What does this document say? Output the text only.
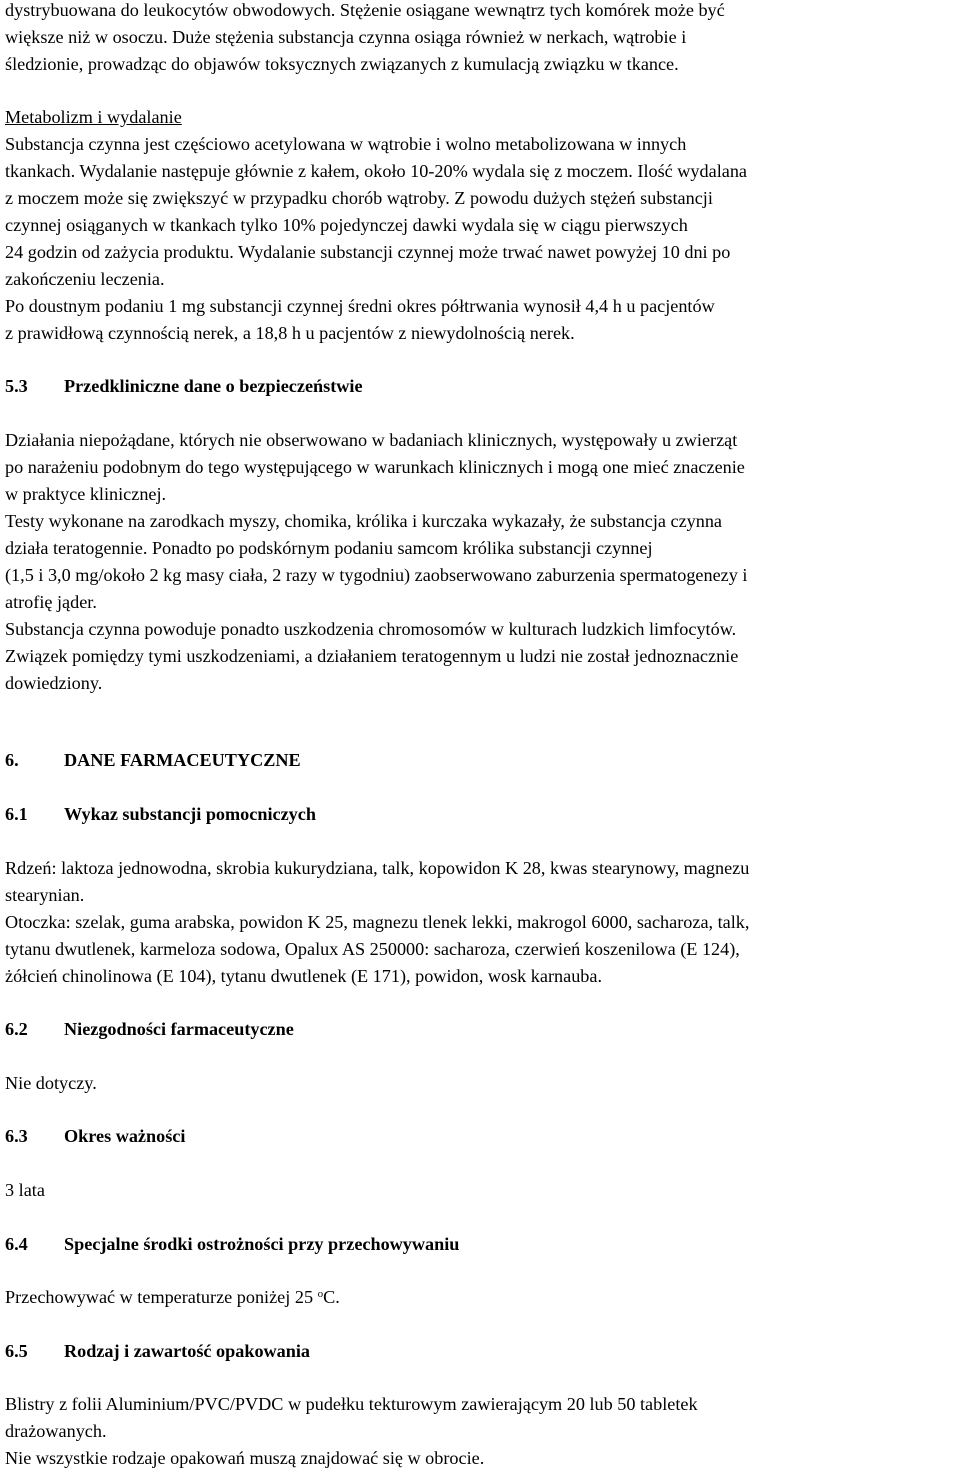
dystrybuowana do leukocytów obwodowych. Stężenie osiągane wewnątrz tych komórek może być
większe niż w osoczu. Duże stężenia substancja czynna osiąga również w nerkach, wątrobie i
śledzionie, prowadząc do objawów toksycznych związanych z kumulacją związku w tkance.
Metabolizm i wydalanie
Substancja czynna jest częściowo acetylowana w wątrobie i wolno metabolizowana w innych
tkankach. Wydalanie następuje głównie z kałem, około 10-20% wydala się z moczem. Ilość wydalana
z moczem może się zwiększyć w przypadku chorób wątroby. Z powodu dużych stężeń substancji
czynnej osiąganych w tkankach tylko 10% pojedynczej dawki wydala się w ciągu pierwszych
24 godzin od zażycia produktu. Wydalanie substancji czynnej może trwać nawet powyżej 10 dni po
zakończeniu leczenia.
Po doustnym podaniu 1 mg substancji czynnej średni okres półtrwania wynosił 4,4 h u pacjentów
z prawidłową czynnością nerek, a 18,8 h u pacjentów z niewydolnością nerek.
5.3 Przedkliniczne dane o bezpieczeństwie
Działania niepożądane, których nie obserwowano w badaniach klinicznych, występowały u zwierząt
po narażeniu podobnym do tego występującego w warunkach klinicznych i mogą one mieć znaczenie
w praktyce klinicznej.
Testy wykonane na zarodkach myszy, chomika, królika i kurczaka wykazały, że substancja czynna
działa teratogennie. Ponadto po podskórnym podaniu samcom królika substancji czynnej
(1,5 i 3,0 mg/około 2 kg masy ciała, 2 razy w tygodniu) zaobserwowano zaburzenia spermatogenezy i
atrofię jąder.
Substancja czynna powoduje ponadto uszkodzenia chromosomów w kulturach ludzkich limfocytów.
Związek pomiędzy tymi uszkodzeniami, a działaniem teratogennym u ludzi nie został jednoznacznie
dowiedziony.
6. DANE FARMACEUTYCZNE
6.1 Wykaz substancji pomocniczych
Rdzeń: laktoza jednowodna, skrobia kukurydziana, talk, kopowidon K 28, kwas stearynowy, magnezu
stearynian.
Otoczka: szelak, guma arabska, powidon K 25, magnezu tlenek lekki, makrogol 6000, sacharoza, talk,
tytanu dwutlenek, karmeloza sodowa, Opalux AS 250000: sacharoza, czerwień koszenilowa (E 124),
żółcień chinolinowa (E 104), tytanu dwutlenek (E 171), powidon, wosk karnauba.
6.2 Niezgodności farmaceutyczne
Nie dotyczy.
6.3 Okres ważności
3 lata
6.4 Specjalne środki ostrożności przy przechowywaniu
Przechowywać w temperaturze poniżej 25 $^o$C.
6.5 Rodzaj i zawartość opakowania
Blistry z folii Aluminium/PVC/PVDC w pudełku tekturowym zawierającym 20 lub 50 tabletek
drażowanych.
Nie wszystkie rodzaje opakowań muszą znajdować się w obrocie.
